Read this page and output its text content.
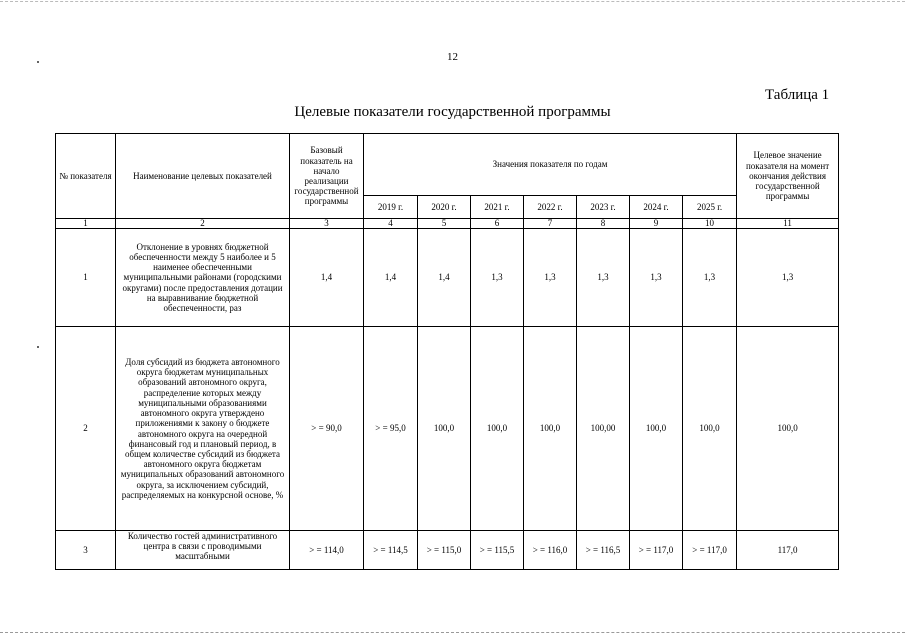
12
Таблица 1
Целевые показатели государственной программы
№ показателя	Наименование целевых показателей	Базовый показатель на начало реализации государственной программы	Значения показателя по годам							Целевое значение показателя на момент окончания действия государственной программы
			2019 г.	2020 г.	2021 г.	2022 г.	2023 г.	2024 г.	2025 г.	
1	2	3	4	5	6	7	8	9	10	11
1	Отклонение в уровнях бюджетной обеспеченности между 5 наиболее и 5 наименее обеспеченными муниципальными районами (городскими округами) после предоставления дотации на выравнивание бюджетной обеспеченности, раз	1,4	1,4	1,4	1,3	1,3	1,3	1,3	1,3	1,3
2	Доля субсидий из бюджета автономного округа бюджетам муниципальных образований автономного округа, распределение которых между муниципальными образованиями автономного округа утверждено приложениями к закону о бюджете автономного округа на очередной финансовый год и плановый период, в общем количестве субсидий из бюджета автономного округа бюджетам муниципальных образований автономного округа, за исключением субсидий, распределяемых на конкурсной основе, %	> = 90,0	> = 95,0	100,0	100,0	100,0	100,00	100,0	100,0	100,0
3	Количество гостей административного центра в связи с проводимыми масштабными	> = 114,0	> = 114,5	> = 115,0	> = 115,5	> = 116,0	> = 116,5	> = 117,0	> = 117,0	117,0
